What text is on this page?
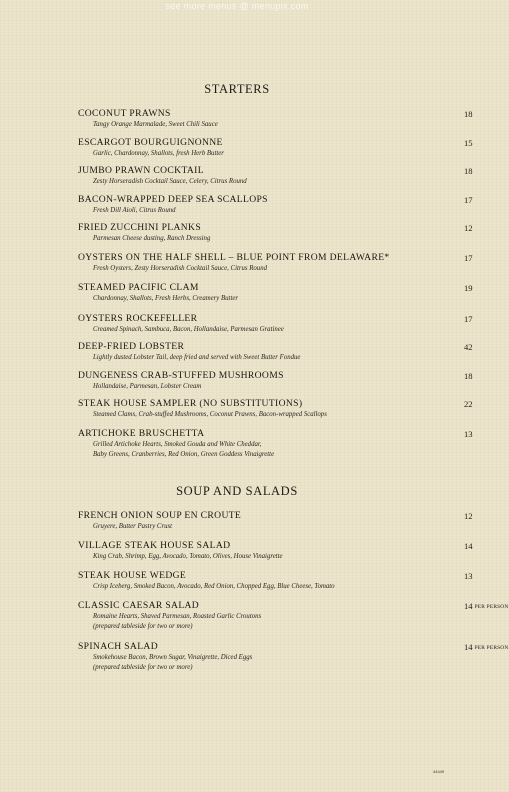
see more menus @ menupix.com
STARTERS
COCONUT PRAWNS
Tangy Orange Marmalade, Sweet Chili Sauce
18
ESCARGOT BOURGUIGNONNE
Garlic, Chardonnay, Shallots, fresh Herb Butter
15
JUMBO PRAWN COCKTAIL
Zesty Horseradish Cocktail Sauce, Celery, Citrus Round
18
BACON-WRAPPED DEEP SEA SCALLOPS
Fresh Dill Aioli, Citrus Round
17
FRIED ZUCCHINI PLANKS
Parmesan Cheese dusting, Ranch Dressing
12
OYSTERS ON THE HALF SHELL – BLUE POINT FROM DELAWARE*
Fresh Oysters, Zesty Horseradish Cocktail Sauce, Citrus Round
17
STEAMED PACIFIC CLAM
Chardonnay, Shallots, Fresh Herbs, Creamery Butter
19
OYSTERS ROCKEFELLER
Creamed Spinach, Sambuca, Bacon, Hollandaise, Parmesan Gratinee
17
DEEP-FRIED LOBSTER
Lightly dusted Lobster Tail, deep fried and served with Sweet Butter Fondue
42
DUNGENESS CRAB-STUFFED MUSHROOMS
Hollandaise, Parmesan, Lobster Cream
18
STEAK HOUSE SAMPLER (NO SUBSTITUTIONS)
Steamed Clams, Crab-stuffed Mushrooms, Coconut Prawns, Bacon-wrapped Scallops
22
ARTICHOKE BRUSCHETTA
Grilled Artichoke Hearts, Smoked Gouda and White Cheddar,
Baby Greens, Cranberries, Red Onion, Green Goddess Vinaigrette
13
SOUP AND SALADS
FRENCH ONION SOUP EN CROUTE
Gruyere, Butter Pastry Crust
12
VILLAGE STEAK HOUSE SALAD
King Crab, Shrimp, Egg, Avocado, Tomato, Olives, House Vinaigrette
14
STEAK HOUSE WEDGE
Crisp Iceberg, Smoked Bacon, Avocado, Red Onion, Chopped Egg, Blue Cheese, Tomato
13
CLASSIC CAESAR SALAD
Romaine Hearts, Shaved Parmesan, Roasted Garlic Croutons
(prepared tableside for two or more)
14 PER PERSON
SPINACH SALAD
Smokehouse Bacon, Brown Sugar, Vinaigrette, Diced Eggs
(prepared tableside for two or more)
14 PER PERSON
44449
